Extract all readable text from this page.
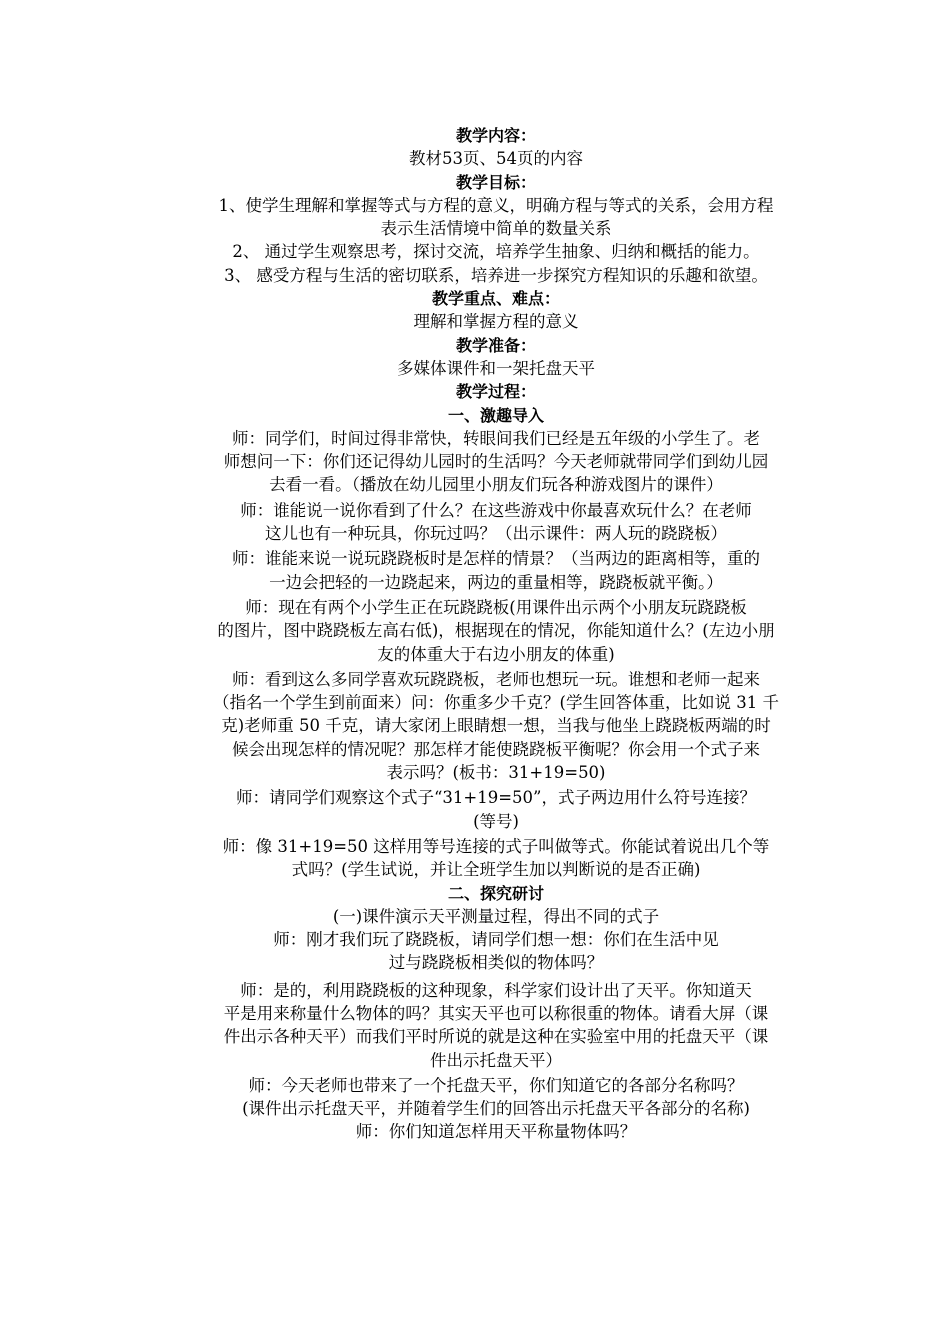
教学内容：
教材53页、54页的内容
教学目标：
1、使学生理解和掌握等式与方程的意义，明确方程与等式的关系，会用方程
表示生活情境中简单的数量关系
2、 通过学生观察思考，探讨交流，培养学生抽象、归纳和概括的能力。
3、 感受方程与生活的密切联系，培养进一步探究方程知识的乐趣和欲望。
教学重点、难点：
理解和掌握方程的意义
教学准备：
多媒体课件和一架托盘天平
教学过程：
一、激趣导入
师：同学们，时间过得非常快，转眼间我们已经是五年级的小学生了。老
师想问一下：你们还记得幼儿园时的生活吗？今天老师就带同学们到幼儿园
去看一看。（播放在幼儿园里小朋友们玩各种游戏图片的课件）
师：谁能说一说你看到了什么？在这些游戏中你最喜欢玩什么？在老师
这儿也有一种玩具，你玩过吗？（出示课件：两人玩的跷跷板）
师：谁能来说一说玩跷跷板时是怎样的情景？（当两边的距离相等，重的
一边会把轻的一边跷起来，两边的重量相等，跷跷板就平衡。）
师：现在有两个小学生正在玩跷跷板(用课件出示两个小朋友玩跷跷板
的图片，图中跷跷板左高右低)，根据现在的情况，你能知道什么？(左边小朋
友的体重大于右边小朋友的体重)
师：看到这么多同学喜欢玩跷跷板，老师也想玩一玩。谁想和老师一起来
（指名一个学生到前面来）问：你重多少千克？(学生回答体重，比如说 31 千
克)老师重 50 千克，请大家闭上眼睛想一想，当我与他坐上跷跷板两端的时
候会出现怎样的情况呢？那怎样才能使跷跷板平衡呢？你会用一个式子来
表示吗？(板书：31+19=50)
师：请同学们观察这个式子“31+19=50”，式子两边用什么符号连接？
(等号)
师：像 31+19=50 这样用等号连接的式子叫做等式。你能试着说出几个等
式吗？(学生试说，并让全班学生加以判断说的是否正确)
二、探究研讨
(一)课件演示天平测量过程，得出不同的式子
师：刚才我们玩了跷跷板，请同学们想一想：你们在生活中见
过与跷跷板相类似的物体吗？
师：是的，利用跷跷板的这种现象，科学家们设计出了天平。你知道天
平是用来称量什么物体的吗？其实天平也可以称很重的物体。请看大屏（课
件出示各种天平）而我们平时所说的就是这种在实验室中用的托盘天平（课
件出示托盘天平）
师：今天老师也带来了一个托盘天平，你们知道它的各部分名称吗？
(课件出示托盘天平，并随着学生们的回答出示托盘天平各部分的名称)
师：你们知道怎样用天平称量物体吗？
